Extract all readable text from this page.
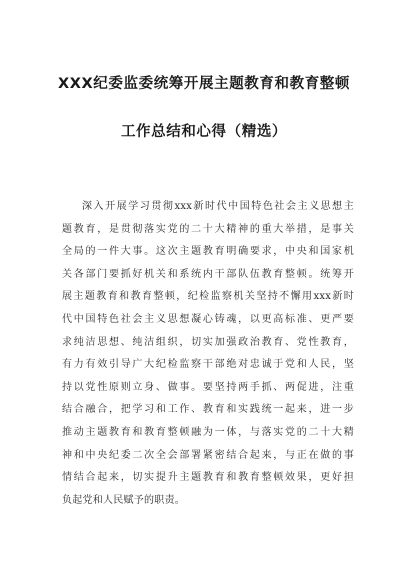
XXX纪委监委统筹开展主题教育和教育整顿
工作总结和心得（精选）
深入开展学习贯彻xxx新时代中国特色社会主义思想主
题教育，是贯彻落实党的二十大精神的重大举措，是事关
全局的一件大事。这次主题教育明确要求，中央和国家机
关各部门要抓好机关和系统内干部队伍教育整顿。统筹开
展主题教育和教育整顿，纪检监察机关坚持不懈用xxx新时
代中国特色社会主义思想凝心铸魂，以更高标准、更严要
求纯洁思想、纯洁组织，切实加强政治教育、党性教育，
有力有效引导广大纪检监察干部绝对忠诚于党和人民，坚
持以党性原则立身、做事。要坚持两手抓、两促进，注重
结合融合，把学习和工作、教育和实践统一起来，进一步
推动主题教育和教育整顿融为一体，与落实党的二十大精
神和中央纪委二次全会部署紧密结合起来，与正在做的事
情结合起来，切实提升主题教育和教育整顿效果，更好担
负起党和人民赋予的职责。
